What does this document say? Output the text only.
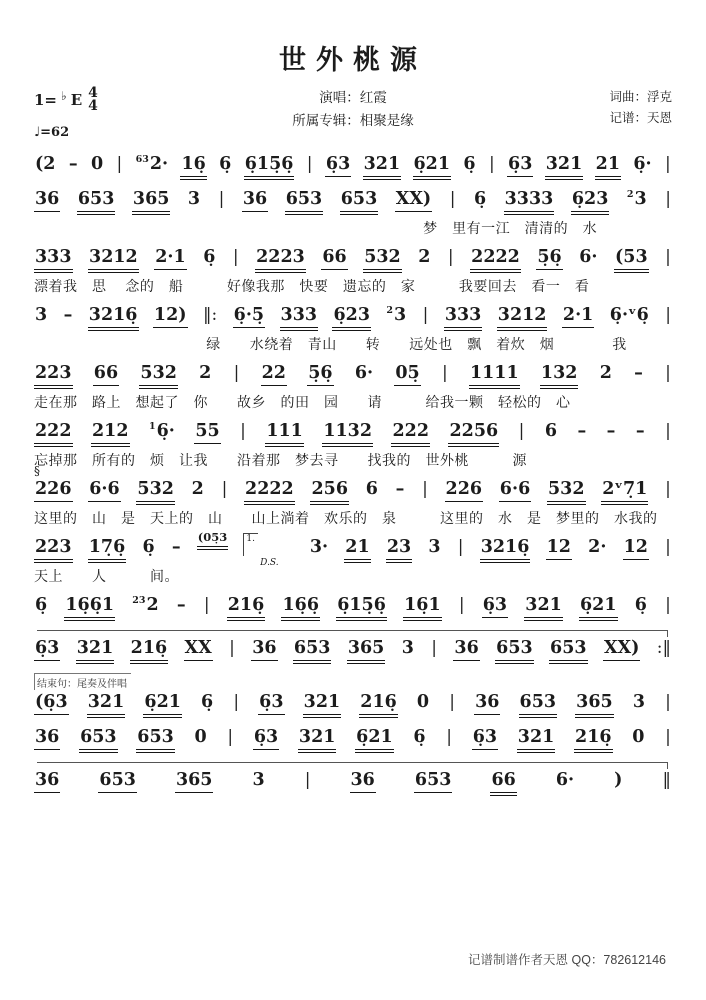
世外桃源
1= ♭ E 4
4
♩=62
演唱：红霞
所属专辑：相聚是缘
词曲：浮克
记谱：天恩
(2 – 0 | $^{63}$2· 16̣ 6̣ 6̣15̣6̣ | 6̣3 321 6̣21 6̣ | 6̣3 321 21 6̣· |
36 653 365 3 | 36 653 653 XX) | 6̣ 3333 6̣23 $^2$3 |
梦　里有一江　清清的　水
333 3212 2·1 6̣ | 2223 66 532 2 | 2222 5̣6̣ 6· (53 |
漂着我　思 　念的　船　　　好像我那　快要　遗忘的　家　　　我要回去　看一　看
3 – 3216̣ 12) ‖: 6̣·5̣ 333 6̣23 $^2$3 | 333 3212 2·1 6̣·ᵛ6̣ |
绿　　水绕着　青山　　转　　远处也　飘　着炊　烟　　　　我
223 66 532 2 | 22 5̣6̣ 6· 05̣ | 1111 132 2 – |
走在那　路上　想起了　你　　故乡　的田　园　　请　　　给我一颗　轻松的　心
222 212 $^1$6̣· 55 | 111 1132 222 2256 | 6 – – – |
忘掉那　所有的　烦　让我　　沿着那　梦去寻　　找我的　世外桃　　　源
§
226 6·6 532 2 | 2222 256 6 – | 226 6·6 532 2ᵛ7̣1 |
这里的　山　是　天上的　山　　山上淌着　欢乐的　泉　　　这里的　水　是　梦里的　水我的
223 17̣6̣ 6̣ – (05̣3	1.
D.S.
3· 21 23 3 | 3216̣ 12 2· 12 |
天上　　人　　　间。
6̣ 16̣6̣1 $^{23}$2 – | 216̣ 16̣6̣ 6̣15̣6̣ 16̣1 | 6̣3 321 6̣21 6̣ |
6̣3 321 216̣ XX | 36 653 365 3 | 36 653 653 XX) :‖
结束句：尾奏及伴唱
(6̣3 321 6̣21 6̣ | 6̣3 321 216̣ 0 | 36 653 365 3 |
36 653 653 0 | 6̣3 321 6̣21 6̣ | 6̣3 321 216̣ 0 |
36 653 365 3 | 36 653 66 6· ) ‖
记谱制谱作者天恩 QQ：782612146
